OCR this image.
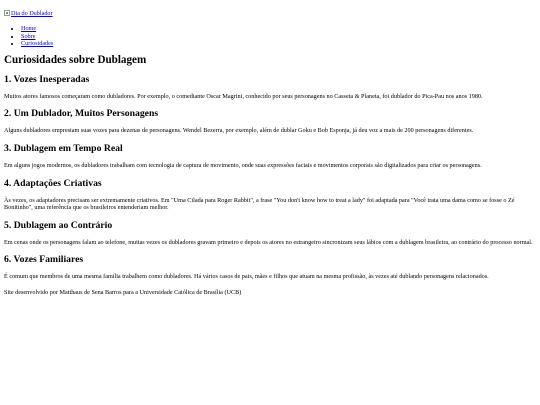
Dia do Dublador
• Home
• Sobre
• Curiosidades
Curiosidades sobre Dublagem
1. Vozes Inesperadas

Muitos atores famosos começaram como dubladores. Por exemplo, o comediante Oscar Magrini, conhecido por seus personagens no Casseta & Planeta, foi dublador do Pica-Pau nos anos 1980.

2. Um Dublador, Muitos Personagens

Alguns dubladores emprestam suas vozes para dezenas de personagens. Wendel Bezerra, por exemplo, além de dublar Goku e Bob Esponja, já deu voz a mais de 200 personagens diferentes.

3. Dublagem em Tempo Real

Em alguns jogos modernos, os dubladores trabalham com tecnologia de captura de movimento, onde suas expressões faciais e movimentos corporais são digitalizados para criar os personagens.

4. Adaptações Criativas

Às vezes, os adaptadores precisam ser extremamente criativos. Em "Uma Cilada para Roger Rabbit", a frase "You don't know how to treat a lady" foi adaptada para "Você trata uma dama como se fosse o Zé Bonitinho", uma referência que os brasileiros entenderiam melhor.

5. Dublagem ao Contrário

Em cenas onde os personagens falam ao telefone, muitas vezes os dubladores gravam primeiro e depois os atores no estrangeiro sincronizam seus lábios com a dublagem brasileira, ao contrário do processo normal.

6. Vozes Familiares

É comum que membros de uma mesma família trabalhem como dubladores. Há vários casos de pais, mães e filhos que atuam na mesma profissão, às vezes até dublando personagens relacionados.

Site desenvolvido por Matthaus de Sena Barros para a Universidade Católica de Brasília (UCB)
